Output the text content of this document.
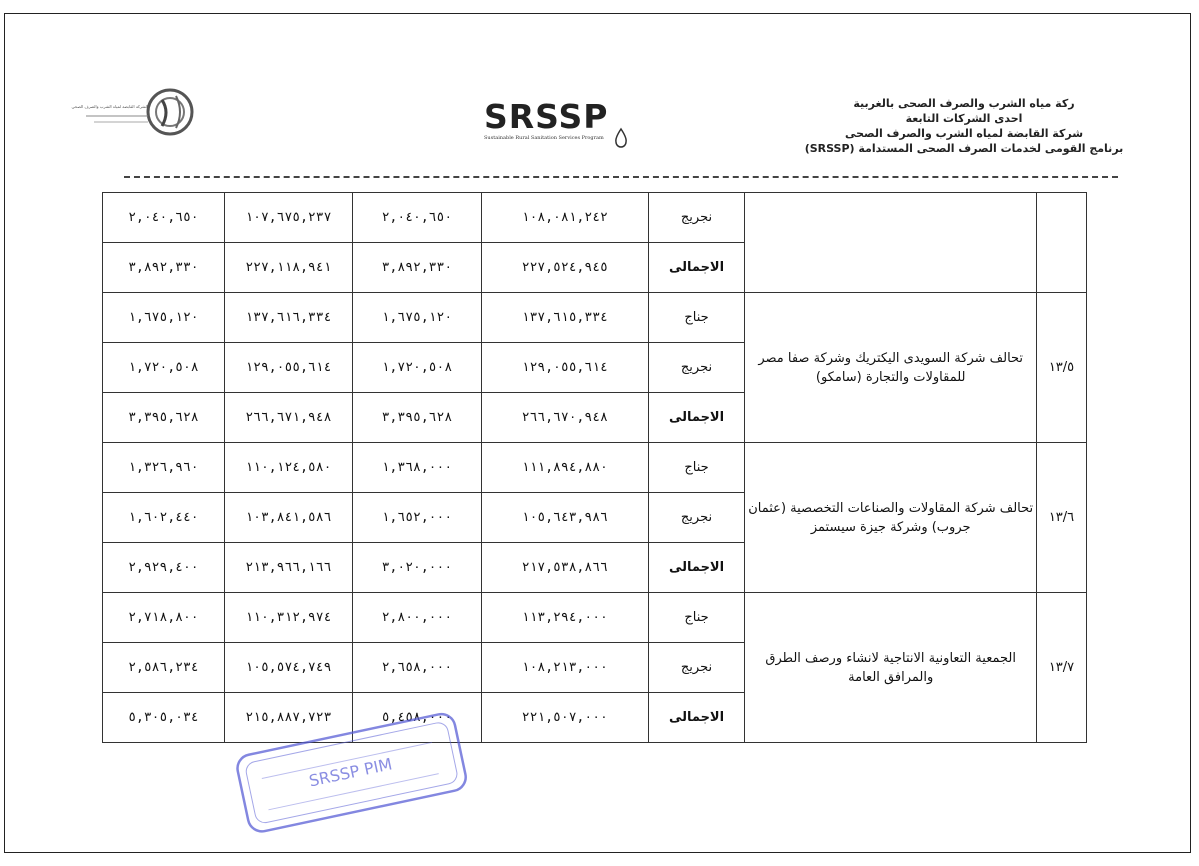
الشركة القابضة لمياه الشرب والصرف الصحي	SRSSP
Sustainable Rural Sanitation Services Program
ركة مياه الشرب والصرف الصحى بالغربية
احدى الشركات التابعة
شركة القابضة لمياه الشرب والصرف الصحى
برنامج القومى لخدمات الصرف الصحى المستدامة (SRSSP)
٢,٠٤٠,٦٥٠	١٠٧,٦٧٥,٢٣٧	٢,٠٤٠,٦٥٠	١٠٨,٠٨١,٢٤٢	نجريج		
٣,٨٩٢,٣٣٠	٢٢٧,١١٨,٩٤١	٣,٨٩٢,٣٣٠	٢٢٧,٥٢٤,٩٤٥	الاجمالى		
١,٦٧٥,١٢٠	١٣٧,٦١٦,٣٣٤	١,٦٧٥,١٢٠	١٣٧,٦١٥,٣٣٤	جناج	تحالف شركة السويدى اليكتريك وشركة صفا مصر للمقاولات والتجارة (سامكو)	١٣/٥
١,٧٢٠,٥٠٨	١٢٩,٠٥٥,٦١٤	١,٧٢٠,٥٠٨	١٢٩,٠٥٥,٦١٤	نجريج		
٣,٣٩٥,٦٢٨	٢٦٦,٦٧١,٩٤٨	٣,٣٩٥,٦٢٨	٢٦٦,٦٧٠,٩٤٨	الاجمالى		
١,٣٢٦,٩٦٠	١١٠,١٢٤,٥٨٠	١,٣٦٨,٠٠٠	١١١,٨٩٤,٨٨٠	جناج	تحالف شركة المقاولات والصناعات التخصصية (عثمان جروب) وشركة جيزة سيستمز	١٣/٦
١,٦٠٢,٤٤٠	١٠٣,٨٤١,٥٨٦	١,٦٥٢,٠٠٠	١٠٥,٦٤٣,٩٨٦	نجريج		
٢,٩٢٩,٤٠٠	٢١٣,٩٦٦,١٦٦	٣,٠٢٠,٠٠٠	٢١٧,٥٣٨,٨٦٦	الاجمالى		
٢,٧١٨,٨٠٠	١١٠,٣١٢,٩٧٤	٢,٨٠٠,٠٠٠	١١٣,٢٩٤,٠٠٠	جناج	الجمعية التعاونية الانتاجية لانشاء ورصف الطرق والمرافق العامة	١٣/٧
٢,٥٨٦,٢٣٤	١٠٥,٥٧٤,٧٤٩	٢,٦٥٨,٠٠٠	١٠٨,٢١٣,٠٠٠	نجريج		
٥,٣٠٥,٠٣٤	٢١٥,٨٨٧,٧٢٣	٥,٤٥٨,٠٠٠	٢٢١,٥٠٧,٠٠٠	الاجمالى		
SRSSP PIM
